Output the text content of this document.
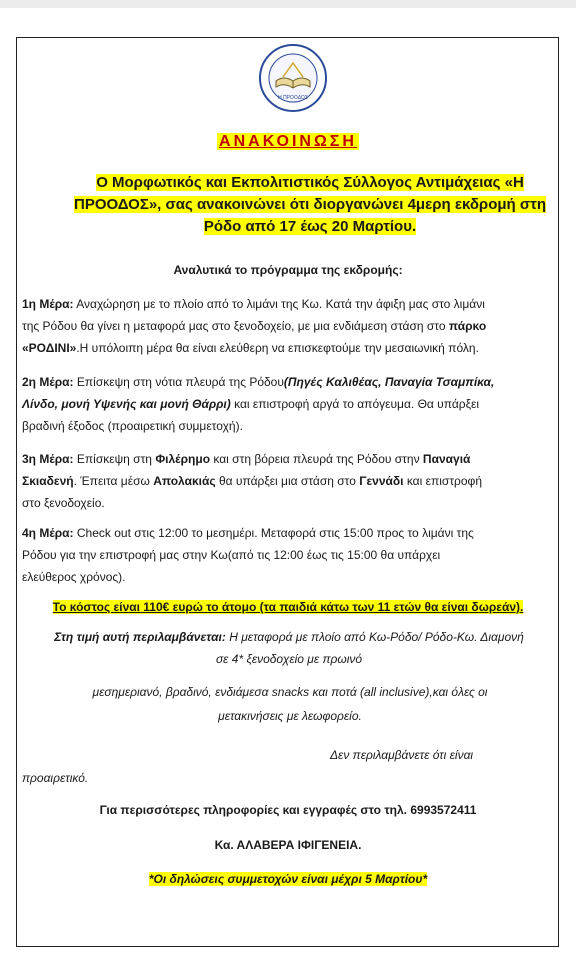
Η ΠΡΟΟΔΟΣ
ΑΝΑΚΟΙΝΩΣΗ
Ο Μορφωτικός και Εκπολιτιστικός Σύλλογος Αντιμάχειας «Η
ΠΡΟΟΔΟΣ», σας ανακοινώνει ότι διοργανώνει 4μερη εκδρομή στη
Ρόδο από 17 έως 20 Μαρτίου.
Αναλυτικά το πρόγραμμα της εκδρομής:
1η Μέρα: Αναχώρηση με το πλοίο από το λιμάνι της Κω. Κατά την άφιξη μας στο λιμάνι
της Ρόδου θα γίνει η μεταφορά μας στο ξενοδοχείο, με μια ενδιάμεση στάση στο πάρκο
«ΡΟΔΙΝΙ».Η υπόλοιπη μέρα θα είναι ελεύθερη να επισκεφτούμε την μεσαιωνική πόλη.
2η Μέρα: Επίσκεψη στη νότια πλευρά της Ρόδου(Πηγές Καλιθέας, Παναγία Τσαμπίκα,
Λίνδο, μονή Υψενής και μονή Θάρρι) και επιστροφή αργά το απόγευμα. Θα υπάρξει
βραδινή έξοδος (προαιρετική συμμετοχή).
3η Μέρα: Επίσκεψη στη Φιλέρημο και στη βόρεια πλευρά της Ρόδου στην Παναγιά
Σκιαδενή. Έπειτα μέσω Απολακιάς θα υπάρξει μια στάση στο Γεννάδι και επιστροφή
στο ξενοδοχείο.
4η Μέρα: Check out στις 12:00 το μεσημέρι. Μεταφορά στις 15:00 προς το λιμάνι της
Ρόδου για την επιστροφή μας στην Κω(από τις 12:00 έως τις 15:00 θα υπάρχει
ελεύθερος χρόνος).
Το κόστος είναι 110€ ευρώ το άτομο (τα παιδιά κάτω των 11 ετών θα είναι δωρεάν).
Στη τιμή αυτή περιλαμβάνεται: Η μεταφορά με πλοίο από Κω-Ρόδο/ Ρόδο-Κω. Διαμονή
σε 4* ξενοδοχείο με πρωινό
μεσημεριανό, βραδινό, ενδιάμεσα snacks και ποτά (all inclusive),και όλες οι
μετακινήσεις με λεωφορείο.
Δεν περιλαμβάνετε ότι είναι
προαιρετικό.
Για περισσότερες πληροφορίες και εγγραφές στο τηλ. 6993572411
Κα. ΑΛΑΒΕΡΑ ΙΦΙΓΕΝΕΙΑ.
*Οι δηλώσεις συμμετοχών είναι μέχρι 5 Μαρτίου*
